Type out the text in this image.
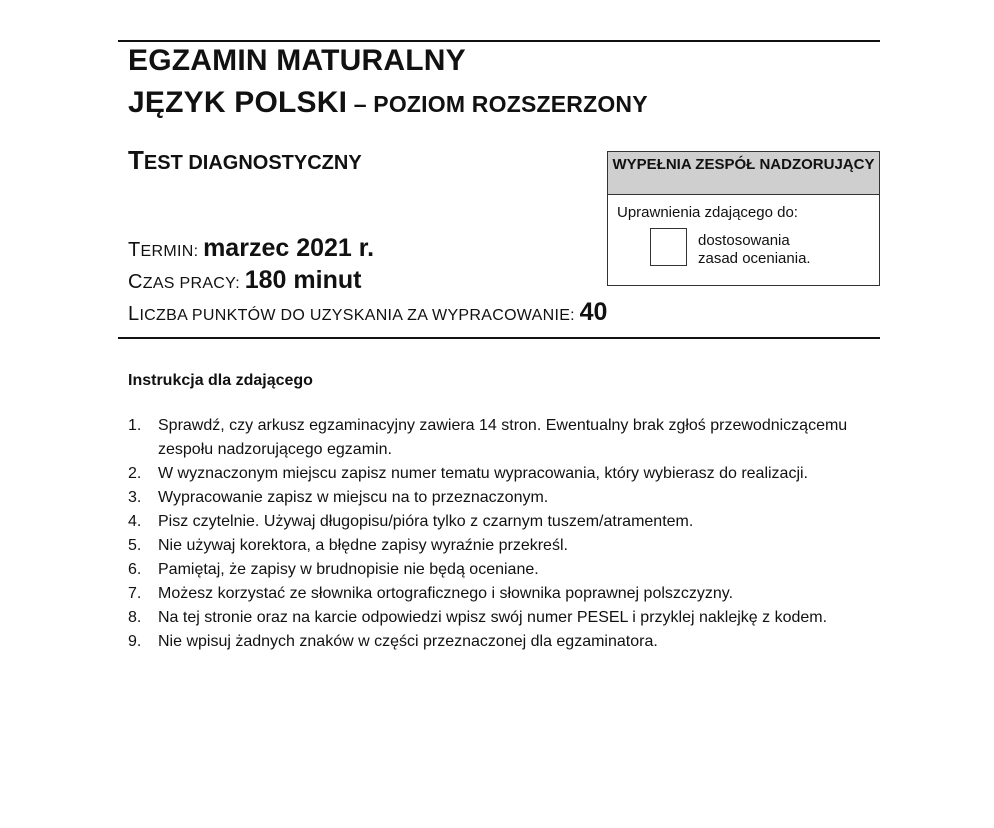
EGZAMIN MATURALNY
JĘZYK POLSKI – POZIOM ROZSZERZONY
TEST DIAGNOSTYCZNY
TERMIN: marzec 2021 r.
CZAS PRACY: 180 minut
LICZBA PUNKTÓW DO UZYSKANIA ZA WYPRACOWANIE: 40
WYPEŁNIA ZESPÓŁ NADZORUJĄCY
Uprawnienia zdającego do:
dostosowania
zasad oceniania.
Instrukcja dla zdającego
1. Sprawdź, czy arkusz egzaminacyjny zawiera 14 stron. Ewentualny brak zgłoś przewodniczącemu zespołu nadzorującego egzamin.
2. W wyznaczonym miejscu zapisz numer tematu wypracowania, który wybierasz do realizacji.
3. Wypracowanie zapisz w miejscu na to przeznaczonym.
4. Pisz czytelnie. Używaj długopisu/pióra tylko z czarnym tuszem/atramentem.
5. Nie używaj korektora, a błędne zapisy wyraźnie przekreśl.
6. Pamiętaj, że zapisy w brudnopisie nie będą oceniane.
7. Możesz korzystać ze słownika ortograficznego i słownika poprawnej polszczyzny.
8. Na tej stronie oraz na karcie odpowiedzi wpisz swój numer PESEL i przyklej naklejkę z kodem.
9. Nie wpisuj żadnych znaków w części przeznaczonej dla egzaminatora.
